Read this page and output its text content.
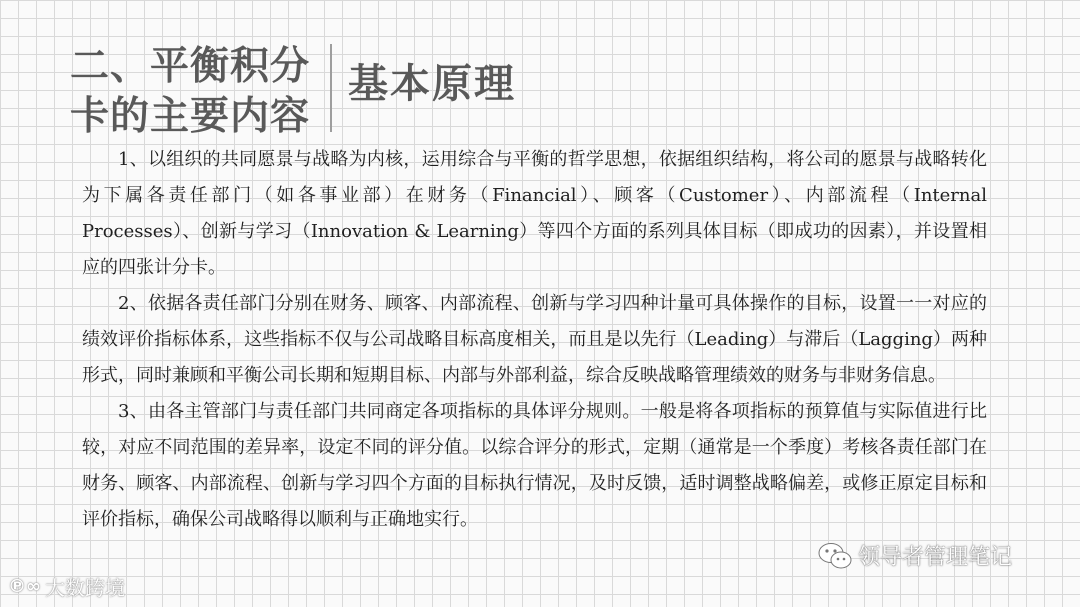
二、平衡积分
卡的主要内容
基本原理

1、以组织的共同愿景与战略为内核，运用综合与平衡的哲学思想，依据组织结构，将公司的愿景与战略转化为下属各责任部门（如各事业部）在财务（Financial）、顾客（Customer）、内部流程（Internal Processes）、创新与学习（Innovation & Learning）等四个方面的系列具体目标（即成功的因素），并设置相应的四张计分卡。

2、依据各责任部门分别在财务、顾客、内部流程、创新与学习四种计量可具体操作的目标，设置一一对应的绩效评价指标体系，这些指标不仅与公司战略目标高度相关，而且是以先行（Leading）与滞后（Lagging）两种形式，同时兼顾和平衡公司长期和短期目标、内部与外部利益，综合反映战略管理绩效的财务与非财务信息。

3、由各主管部门与责任部门共同商定各项指标的具体评分规则。一般是将各项指标的预算值与实际值进行比较，对应不同范围的差异率，设定不同的评分值。以综合评分的形式，定期（通常是一个季度）考核各责任部门在财务、顾客、内部流程、创新与学习四个方面的目标执行情况，及时反馈，适时调整战略偏差，或修正原定目标和评价指标，确保公司战略得以顺利与正确地实行。

领导者管理笔记
℗∞ 大数跨境
